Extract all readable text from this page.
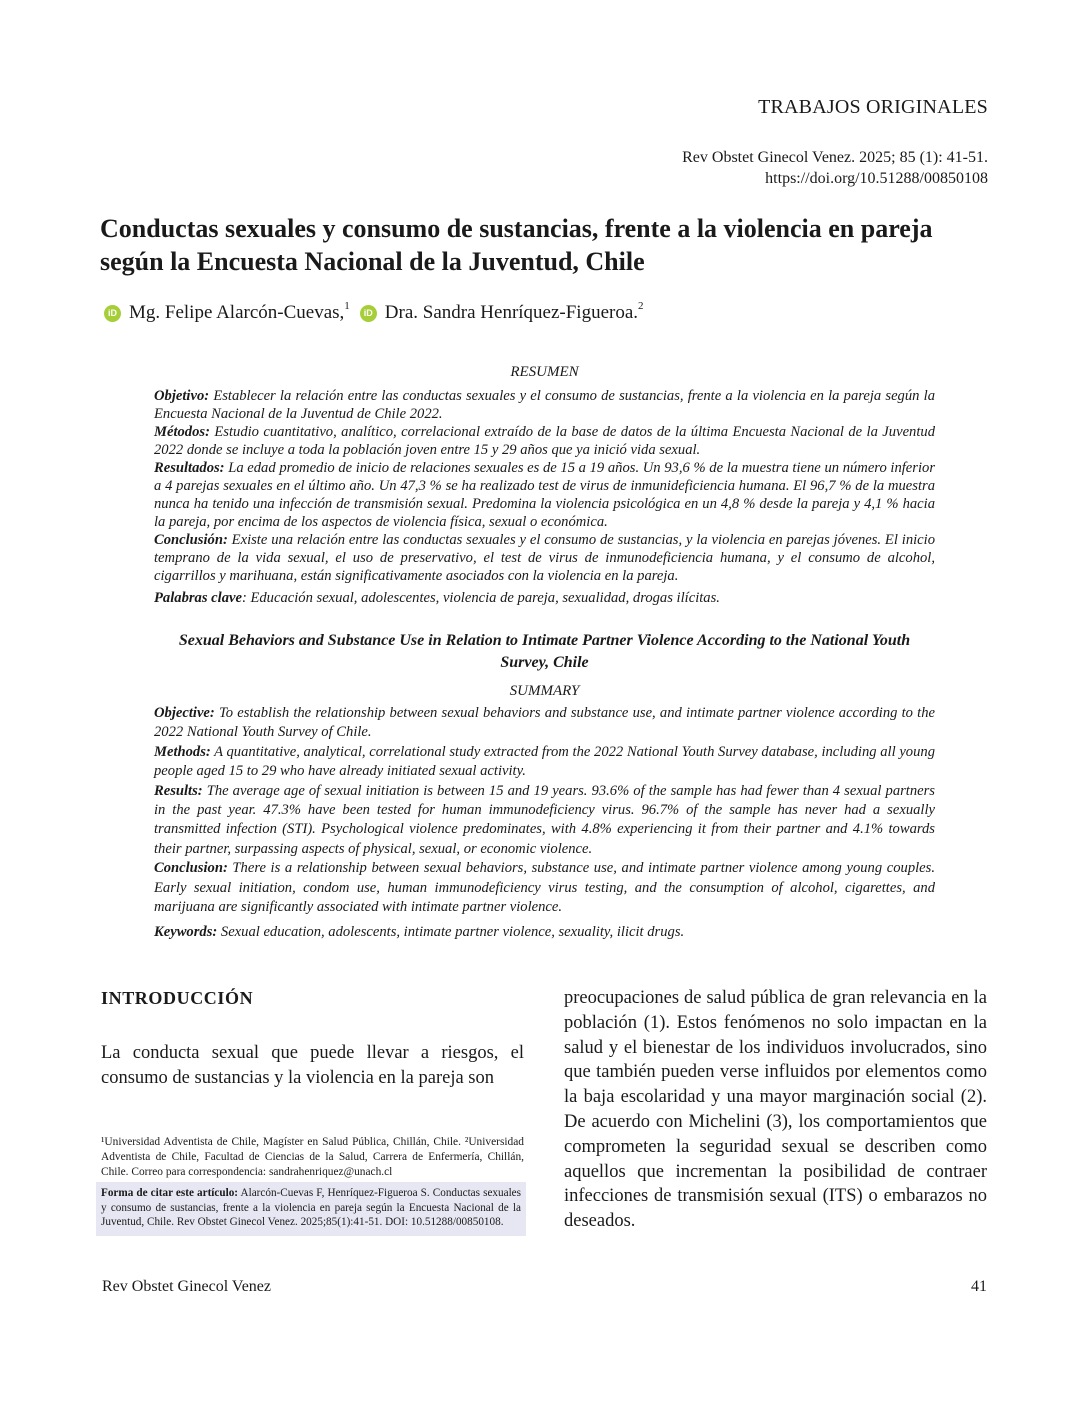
TRABAJOS ORIGINALES
Rev Obstet Ginecol Venez. 2025; 85 (1): 41-51.
https://doi.org/10.51288/00850108
Conductas sexuales y consumo de sustancias, frente a la violencia en pareja según la Encuesta Nacional de la Juventud, Chile
iD Mg. Felipe Alarcón-Cuevas,$^1$
iD Dra. Sandra Henríquez-Figueroa.$^2$
RESUMEN

Objetivo: Establecer la relación entre las conductas sexuales y el consumo de sustancias, frente a la violencia en la pareja según la Encuesta Nacional de la Juventud de Chile 2022.

Métodos: Estudio cuantitativo, analítico, correlacional extraído de la base de datos de la última Encuesta Nacional de la Juventud 2022 donde se incluye a toda la población joven entre 15 y 29 años que ya inició vida sexual.

Resultados: La edad promedio de inicio de relaciones sexuales es de 15 a 19 años. Un 93,6 % de la muestra tiene un número inferior a 4 parejas sexuales en el último año. Un 47,3 % se ha realizado test de virus de inmunideficiencia humana. El 96,7 % de la muestra nunca ha tenido una infección de transmisión sexual. Predomina la violencia psicológica en un 4,8 % desde la pareja y 4,1 % hacia la pareja, por encima de los aspectos de violencia física, sexual o económica.

Conclusión: Existe una relación entre las conductas sexuales y el consumo de sustancias, y la violencia en parejas jóvenes. El inicio temprano de la vida sexual, el uso de preservativo, el test de virus de inmunodeficiencia humana, y el consumo de alcohol, cigarrillos y marihuana, están significativamente asociados con la violencia en la pareja.

Palabras clave: Educación sexual, adolescentes, violencia de pareja, sexualidad, drogas ilícitas.

Sexual Behaviors and Substance Use in Relation to Intimate Partner Violence According to the National Youth Survey, Chile
SUMMARY

Objective: To establish the relationship between sexual behaviors and substance use, and intimate partner violence according to the 2022 National Youth Survey of Chile.

Methods: A quantitative, analytical, correlational study extracted from the 2022 National Youth Survey database, including all young people aged 15 to 29 who have already initiated sexual activity.

Results: The average age of sexual initiation is between 15 and 19 years. 93.6% of the sample has had fewer than 4 sexual partners in the past year. 47.3% have been tested for human immunodeficiency virus. 96.7% of the sample has never had a sexually transmitted infection (STI). Psychological violence predominates, with 4.8% experiencing it from their partner and 4.1% towards their partner, surpassing aspects of physical, sexual, or economic violence.

Conclusion: There is a relationship between sexual behaviors, substance use, and intimate partner violence among young couples. Early sexual initiation, condom use, human immunodeficiency virus testing, and the consumption of alcohol, cigarettes, and marijuana are significantly associated with intimate partner violence.

Keywords: Sexual education, adolescents, intimate partner violence, sexuality, ilicit drugs.

INTRODUCCIÓN
La conducta sexual que puede llevar a riesgos, el consumo de sustancias y la violencia en la pareja son
preocupaciones de salud pública de gran relevancia en la población (1). Estos fenómenos no solo impactan en la salud y el bienestar de los individuos involucrados, sino que también pueden verse influidos por elementos como la baja escolaridad y una mayor marginación social (2). De acuerdo con Michelini (3), los comportamientos que comprometen la seguridad sexual se describen como aquellos que incrementan la posibilidad de contraer infecciones de transmisión sexual (ITS) o embarazos no deseados.
¹Universidad Adventista de Chile, Magíster en Salud Pública, Chillán, Chile. ²Universidad Adventista de Chile, Facultad de Ciencias de la Salud, Carrera de Enfermería, Chillán, Chile. Correo para correspondencia: sandrahenriquez@unach.cl
Forma de citar este artículo: Alarcón-Cuevas F, Henríquez-Figueroa S. Conductas sexuales y consumo de sustancias, frente a la violencia en pareja según la Encuesta Nacional de la Juventud, Chile. Rev Obstet Ginecol Venez. 2025;85(1):41-51. DOI: 10.51288/00850108.
Rev Obstet Ginecol Venez	41
